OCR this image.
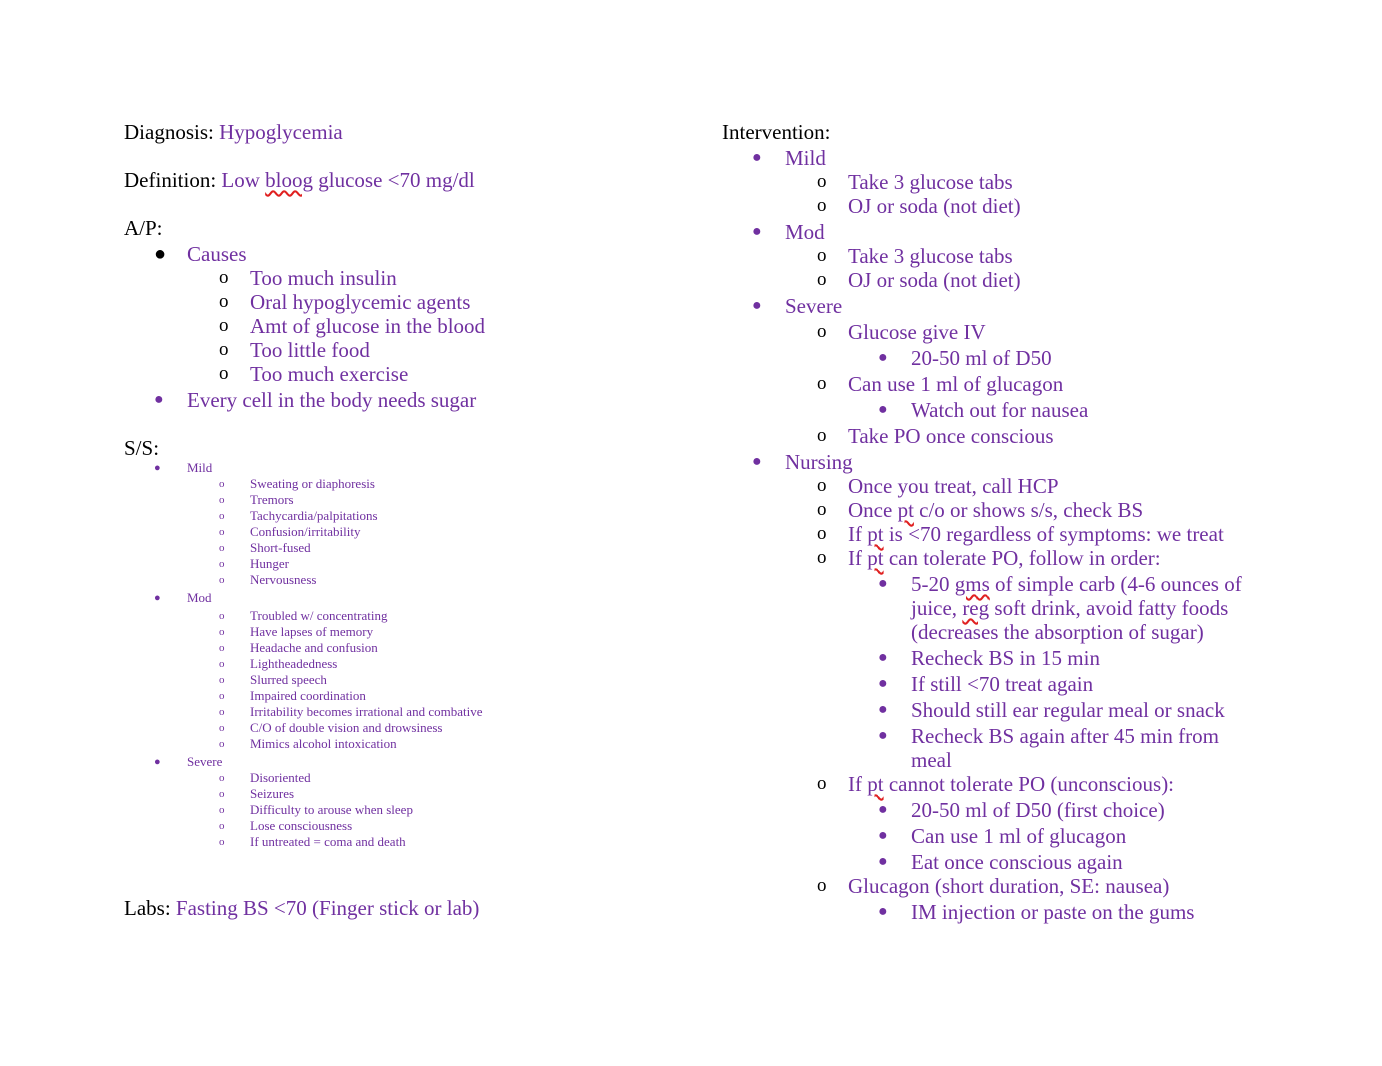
Diagnosis: Hypoglycemia
Definition: Low bloog glucose <70 mg/dl
A/P:
● Causes
o Too much insulin
o Oral hypoglycemic agents
o Amt of glucose in the blood
o Too little food
o Too much exercise
● Every cell in the body needs sugar
S/S:
● Mild
o Sweating or diaphoresis
o Tremors
o Tachycardia/palpitations
o Confusion/irritability
o Short-fused
o Hunger
o Nervousness
● Mod
o Troubled w/ concentrating
o Have lapses of memory
o Headache and confusion
o Lightheadedness
o Slurred speech
o Impaired coordination
o Irritability becomes irrational and combative
o C/O of double vision and drowsiness
o Mimics alcohol intoxication
● Severe
o Disoriented
o Seizures
o Difficulty to arouse when sleep
o Lose consciousness
o If untreated = coma and death
Labs: Fasting BS <70 (Finger stick or lab)
Intervention:
● Mild
o Take 3 glucose tabs
o OJ or soda (not diet)
● Mod
o Take 3 glucose tabs
o OJ or soda (not diet)
● Severe
o Glucose give IV
● 20-50 ml of D50
o Can use 1 ml of glucagon
● Watch out for nausea
o Take PO once conscious
● Nursing
o Once you treat, call HCP
o Once pt c/o or shows s/s, check BS
o If pt is <70 regardless of symptoms: we treat
o If pt can tolerate PO, follow in order:
● 5-20 gms of simple carb (4-6 ounces of juice, reg soft drink, avoid fatty foods (decreases the absorption of sugar)
● Recheck BS in 15 min
● If still <70 treat again
● Should still ear regular meal or snack
● Recheck BS again after 45 min from meal
o If pt cannot tolerate PO (unconscious):
● 20-50 ml of D50 (first choice)
● Can use 1 ml of glucagon
● Eat once conscious again
o Glucagon (short duration, SE: nausea)
● IM injection or paste on the gums
